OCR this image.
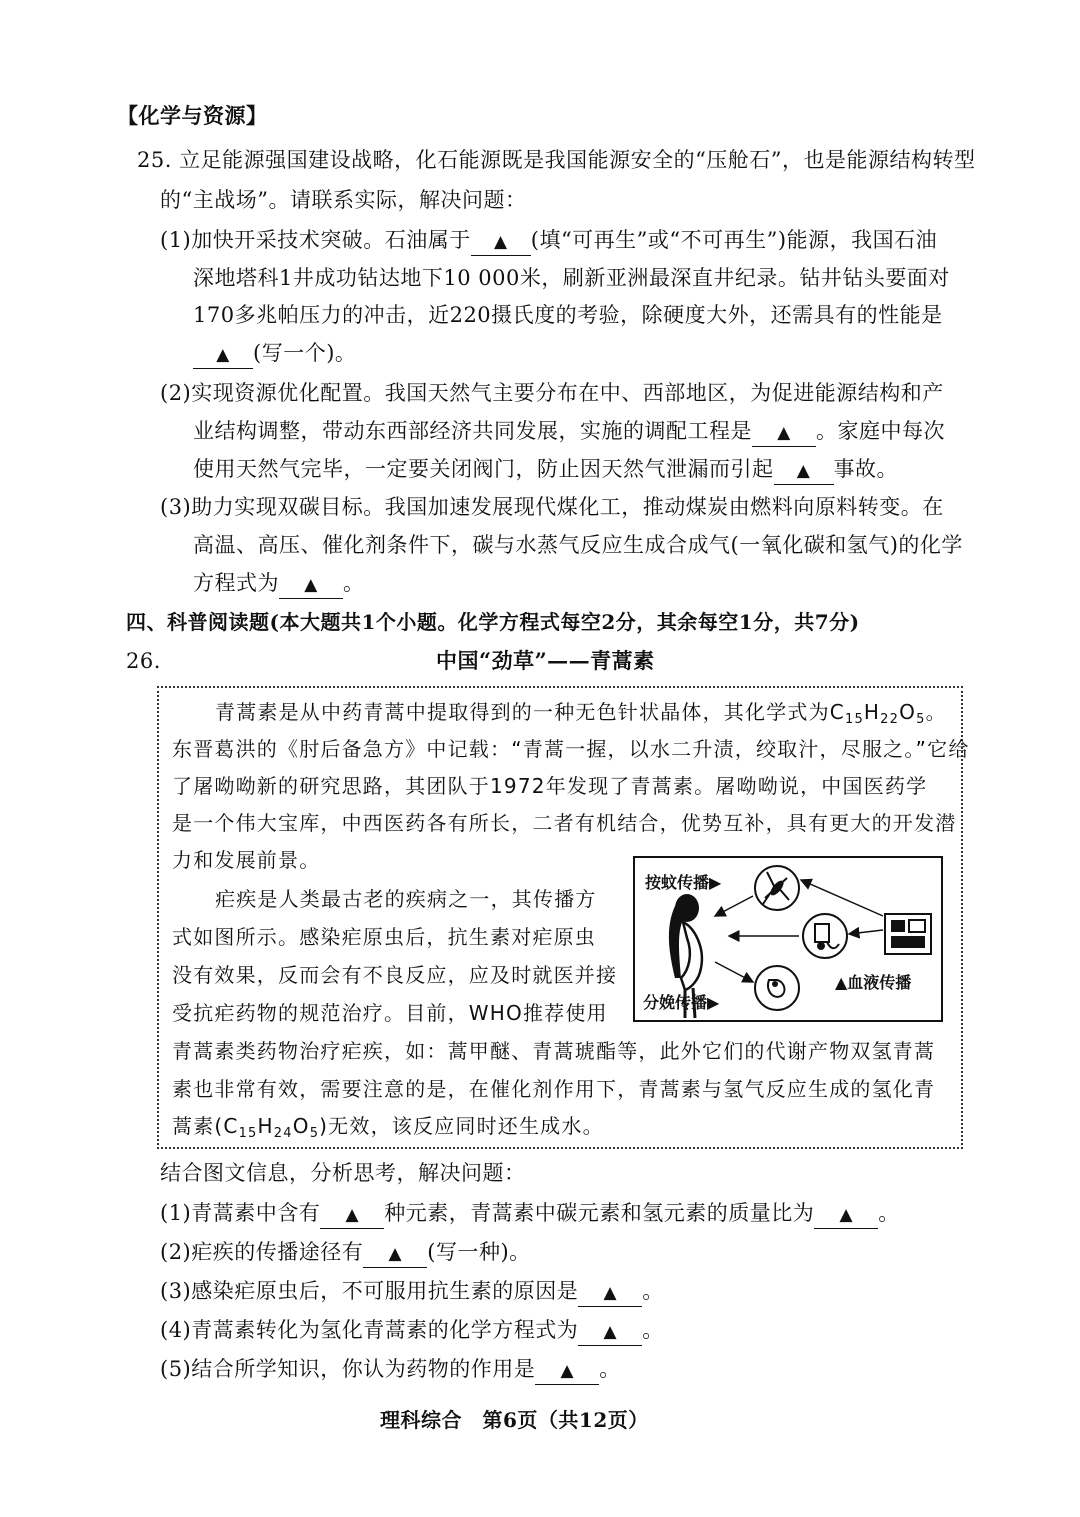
【化学与资源】
25. 立足能源强国建设战略，化石能源既是我国能源安全的“压舱石”，也是能源结构转型
的“主战场”。请联系实际，解决问题：
(1)加快开采技术突破。石油属于 ▲ (填“可再生”或“不可再生”)能源，我国石油
深地塔科1井成功钻达地下10 000米，刷新亚洲最深直井纪录。钻井钻头要面对
170多兆帕压力的冲击，近220摄氏度的考验，除硬度大外，还需具有的性能是
▲ (写一个)。
(2)实现资源优化配置。我国天然气主要分布在中、西部地区，为促进能源结构和产
业结构调整，带动东西部经济共同发展，实施的调配工程是 ▲ 。家庭中每次
使用天然气完毕，一定要关闭阀门，防止因天然气泄漏而引起 ▲ 事故。
(3)助力实现双碳目标。我国加速发展现代煤化工，推动煤炭由燃料向原料转变。在
高温、高压、催化剂条件下，碳与水蒸气反应生成合成气(一氧化碳和氢气)的化学
方程式为 ▲ 。
四、科普阅读题(本大题共1个小题。化学方程式每空2分，其余每空1分，共7分)
26.	中国“劲草”——青蒿素
青蒿素是从中药青蒿中提取得到的一种无色针状晶体，其化学式为$C_{15}H_{22}O_5$。
东晋葛洪的《肘后备急方》中记载：“青蒿一握，以水二升渍，绞取汁，尽服之。”它给
了屠呦呦新的研究思路，其团队于1972年发现了青蒿素。屠呦呦说，中国医药学
是一个伟大宝库，中西医药各有所长，二者有机结合，优势互补，具有更大的开发潜
力和发展前景。
疟疾是人类最古老的疾病之一，其传播方
式如图所示。感染疟原虫后，抗生素对疟原虫
没有效果，反而会有不良反应，应及时就医并接
受抗疟药物的规范治疗。目前，WHO推荐使用
青蒿素类药物治疗疟疾，如：蒿甲醚、青蒿琥酯等，此外它们的代谢产物双氢青蒿
素也非常有效，需要注意的是，在催化剂作用下，青蒿素与氢气反应生成的氢化青
蒿素$(C_{15}H_{24}O_5)$无效，该反应同时还生成水。
按蚊传播▶
分娩传播▶
▲血液传播
结合图文信息，分析思考，解决问题：
(1)青蒿素中含有 ▲ 种元素，青蒿素中碳元素和氢元素的质量比为 ▲ 。
(2)疟疾的传播途径有 ▲ (写一种)。
(3)感染疟原虫后，不可服用抗生素的原因是 ▲ 。
(4)青蒿素转化为氢化青蒿素的化学方程式为 ▲ 。
(5)结合所学知识，你认为药物的作用是 ▲ 。
理科综合　第6页（共12页）
